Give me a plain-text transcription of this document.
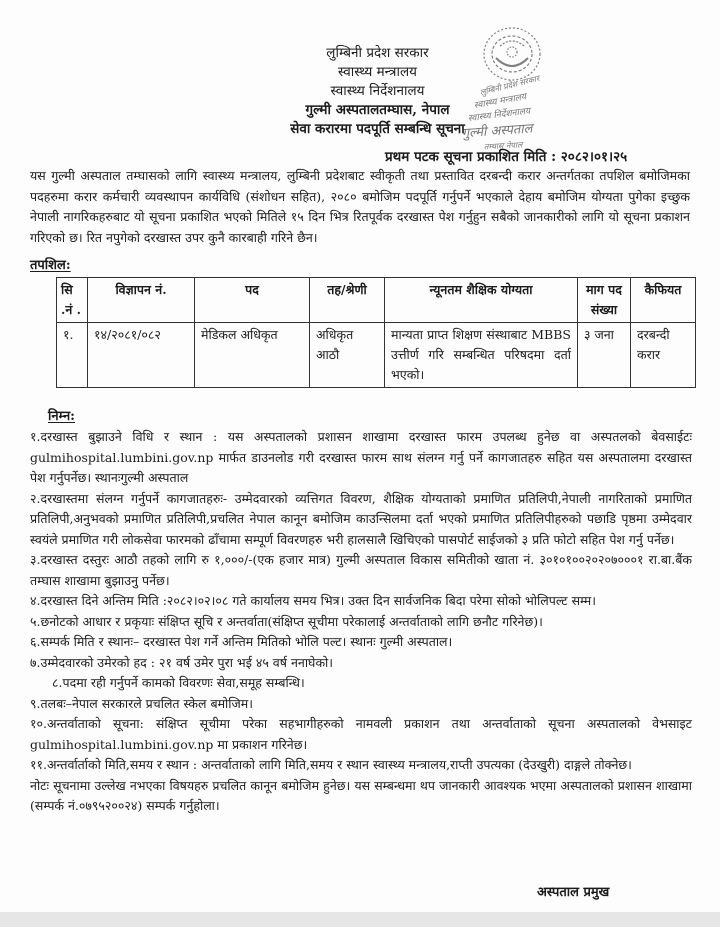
लुम्बिनी प्रदेश सरकार
स्वास्थ्य मन्त्रालय
स्वास्थ्य निर्देशनालय
गुल्मी अस्पतालतम्घास, नेपाल
सेवा करारमा पदपूर्ति सम्बन्धि सूचना
लुम्बिनी प्रदेश सरकार
स्वास्थ्य मन्त्रालय
स्वास्थ्य निर्देशनालय
गुल्मी अस्पताल
तम्घास नेपाल
प्रथम पटक सूचना प्रकाशित मिति : २०८२।०१।२५
यस गुल्मी अस्पताल तम्घासको लागि स्वास्थ्य मन्त्रालय, लुम्बिनी प्रदेशबाट स्वीकृती तथा प्रस्तावित दरबन्दी करार अन्तर्गतका तपशिल बमोजिमका पदहरुमा करार कर्मचारी व्यवस्थापन कार्यविधि (संशोधन सहित), २०८० बमोजिम पदपूर्ति गर्नुपर्ने भएकाले देहाय बमोजिम योग्यता पुगेका इच्छुक नेपाली नागरिकहरुबाट यो सूचना प्रकाशित भएको मितिले १५ दिन भित्र रितपूर्वक दरखास्त पेश गर्नुहुन सबैको जानकारीको लागि यो सूचना प्रकाशन गरिएको छ। रित नपुगेको दरखास्त उपर कुनै कारबाही गरिने छैन।
तपशिल:
सि .नं .	विज्ञापन नं.	पद	तह/श्रेणी	न्यूनतम शैक्षिक योग्यता	माग पद संख्या	कैफियत
१.	१४/२०८१/०८२	मेडिकल अधिकृत	अधिकृत आठौ	मान्यता प्राप्त शिक्षण संस्थाबाट MBBS उत्तीर्ण गरि सम्बन्धित परिषदमा दर्ता भएको।	३ जना	दरबन्दी करार
निम्न:

१.दरखास्त बुझाउने विधि र स्थान : यस अस्पतालको प्रशासन शाखामा दरखास्त फारम उपलब्ध हुनेछ वा अस्पतलको बेवसाईटः gulmihospital.lumbini.gov.np मार्फत डाउनलोड गरी दरखास्त फारम साथ संलग्न गर्नु पर्ने कागजातहरु सहित यस अस्पतालमा दरखास्त पेश गर्नुपर्नेछ। स्थानःगुल्मी अस्पताल

२.दरखास्तमा संलग्न गर्नुपर्ने कागजातहरुः- उम्मेदवारको व्यत्तिगत विवरण, शैक्षिक योग्यताको प्रमाणित प्रतिलिपी,नेपाली नागरिताको प्रमाणित प्रतिलिपी,अनुभवको प्रमाणित प्रतिलिपी,प्रचलित नेपाल कानून बमोजिम काउन्सिलमा दर्ता भएको प्रमाणित प्रतिलिपीहरुको पछाडि पृष्ठमा उम्मेदवार स्वयंले प्रमाणित गरी लोकसेवा फारमको ढाँचामा सम्पूर्ण विवरणहरु भरी हालसालै खिचिएको पासपोर्ट साईजको ३ प्रति फोटो सहित पेश गर्नु पर्नेछ।

३.दरखास्त दस्तुरः आठौ तहको लागि रु १,०००/-(एक हजार मात्र) गुल्मी अस्पताल विकास समितीको खाता नं. ३०१०१००२०२०७०००१ रा.बा.बैंक तम्घास शाखामा बुझाउनु पर्नेछ।

४.दरखास्त दिने अन्तिम मिति :२०८२।०२।०८ गते कार्यालय समय भित्र। उक्त दिन सार्वजनिक बिदा परेमा सोको भोलिपल्ट सम्म।

५.छनोटको आधार र प्रकृयाः संक्षिप्त सूचि र अन्तर्वाता(संक्षिप्त सूचीमा परेकालाई अन्तर्वाताको लागि छनौट गरिनेछ)।

६.सम्पर्क मिति र स्थानः– दरखास्त पेश गर्ने अन्तिम मितिको भोलि पल्ट। स्थानः गुल्मी अस्पताल।

७.उम्मेदवारको उमेरको हद : २१ वर्ष उमेर पुरा भई ४५ वर्ष ननाघेको।

८.पदमा रही गर्नुपर्ने कामको विवरणः सेवा,समूह सम्बन्धि।

९.तलबः–नेपाल सरकारले प्रचलित स्केल बमोजिम।

१०.अन्तर्वाताको सूचना: संक्षिप्त सूचीमा परेका सहभागीहरुको नामवली प्रकाशन तथा अन्तर्वाताको सूचना अस्पतालको वेभसाइट gulmihospital.lumbini.gov.np मा प्रकाशन गरिनेछ।

११.अन्तर्वार्ताको मिति,समय र स्थान : अन्तर्वाताको लागि मिति,समय र स्थान स्वास्थ्य मन्त्रालय,राप्ती उपत्यका (देउखुरी) दाङ्गले तोक्नेछ।

नोटः सूचनामा उल्लेख नभएका विषयहरु प्रचलित कानून बमोजिम हुनेछ। यस सम्बन्धमा थप जानकारी आवश्यक भएमा अस्पतालको प्रशासन शाखामा (सम्पर्क नं.०७९५२००२४) सम्पर्क गर्नुहोला।

अस्पताल प्रमुख
